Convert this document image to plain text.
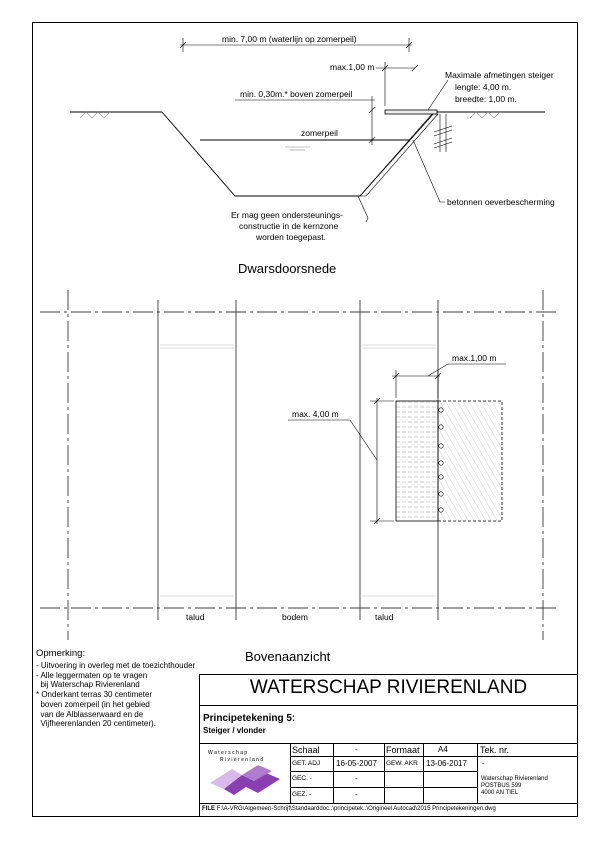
min. 7,00 m (waterlijn op zomerpeil)
max.1,00 m
Maximale afmetingen steiger
lengte: 4,00 m.
breedte: 1,00 m.
min. 0,30m.* boven zomerpeil
zomerpeil
betonnen oeverbescherming
Er mag geen ondersteunings-
constructie in de kernzone
worden toegepast.
Dwarsdoorsnede
max.1,00 m
max. 4,00 m
talud	bodem	talud
Bovenaanzicht
Opmerking:
- Uitvoering in overleg met de toezichthouder
- Alle leggermaten op te vragen
bij Waterschap Rivierenland
* Onderkant terras 30 centimeter
boven zomerpeil (in het gebied
van de Alblasserwaard en de
Vijfheerenlanden 20 centimeter).
WATERSCHAP RIVIERENLAND
Principetekening 5:
Steiger / vlonder
W a t e r s c h a p
R i v i e r e n l a n d
Schaal	-	Formaat A4	Tek. nr.
GET. ADJ 16-05-2007 GEW. AKR 13-06-2017 -
GEC. -	-
GEZ. -	-
Waterschap Rivierenland
POSTBUS 599
4000 AN TIEL
FILE F:\A-VRG\Algemeen-Schrijf\Standaarddoc..\principetek..\Origineel Autocad\2015 Principetekeningen.dwg
